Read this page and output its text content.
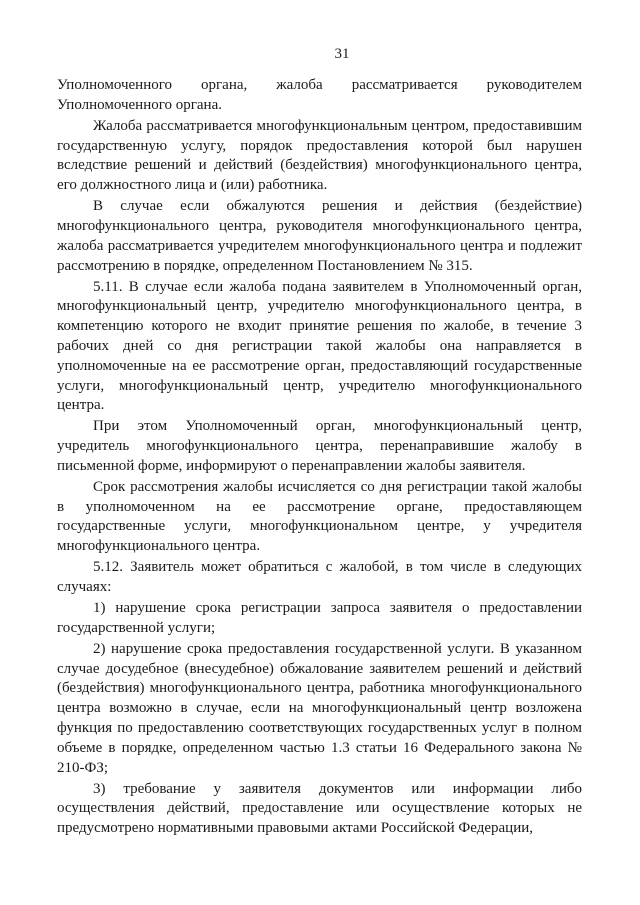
31

Уполномоченного органа, жалоба рассматривается руководителем Уполномоченного органа.

Жалоба рассматривается многофункциональным центром, предоставившим государственную услугу, порядок предоставления которой был нарушен вследствие решений и действий (бездействия) многофункционального центра, его должностного лица и (или) работника.

В случае если обжалуются решения и действия (бездействие) многофункционального центра, руководителя многофункционального центра, жалоба рассматривается учредителем многофункционального центра и подлежит рассмотрению в порядке, определенном Постановлением № 315.

5.11. В случае если жалоба подана заявителем в Уполномоченный орган, многофункциональный центр, учредителю многофункционального центра, в компетенцию которого не входит принятие решения по жалобе, в течение 3 рабочих дней со дня регистрации такой жалобы она направляется в уполномоченные на ее рассмотрение орган, предоставляющий государственные услуги, многофункциональный центр, учредителю многофункционального центра.

При этом Уполномоченный орган, многофункциональный центр, учредитель многофункционального центра, перенаправившие жалобу в письменной форме, информируют о перенаправлении жалобы заявителя.

Срок рассмотрения жалобы исчисляется со дня регистрации такой жалобы в уполномоченном на ее рассмотрение органе, предоставляющем государственные услуги, многофункциональном центре, у учредителя многофункционального центра.

5.12. Заявитель может обратиться с жалобой, в том числе в следующих случаях:

1) нарушение срока регистрации запроса заявителя о предоставлении государственной услуги;

2) нарушение срока предоставления государственной услуги. В указанном случае досудебное (внесудебное) обжалование заявителем решений и действий (бездействия) многофункционального центра, работника многофункционального центра возможно в случае, если на многофункциональный центр возложена функция по предоставлению соответствующих государственных услуг в полном объеме в порядке, определенном частью 1.3 статьи 16 Федерального закона № 210-ФЗ;

3) требование у заявителя документов или информации либо осуществления действий, предоставление или осуществление которых не предусмотрено нормативными правовыми актами Российской Федерации,
